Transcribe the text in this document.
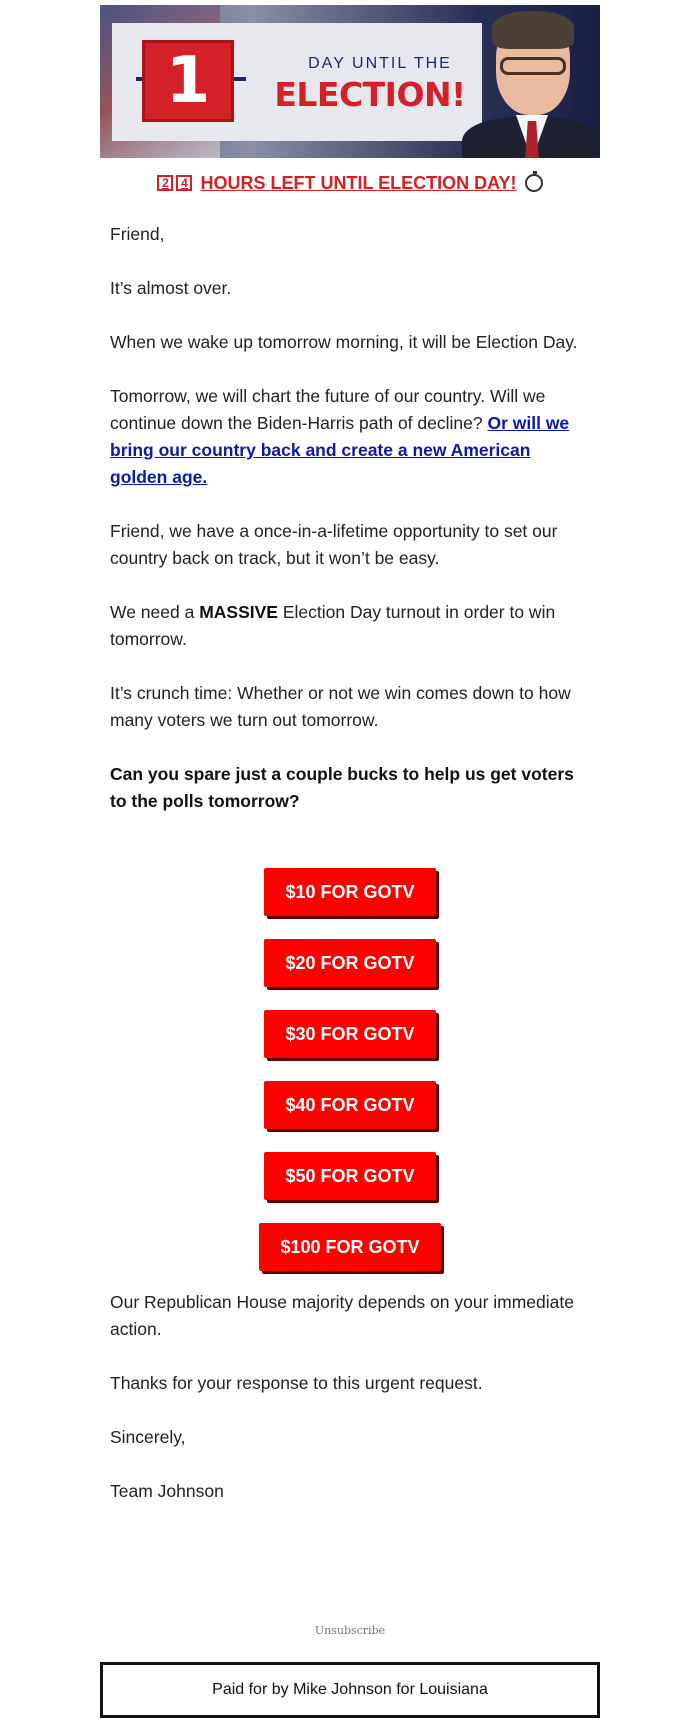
1	DAY UNTIL THE
ELECTION!
2	4 HOURS LEFT UNTIL ELECTION DAY!

Friend,

It’s almost over.

When we wake up tomorrow morning, it will be Election Day.

Tomorrow, we will chart the future of our country. Will we continue down the Biden-Harris path of decline? Or will we bring our country back and create a new American golden age.

Friend, we have a once-in-a-lifetime opportunity to set our country back on track, but it won’t be easy.

We need a MASSIVE Election Day turnout in order to win tomorrow.

It’s crunch time: Whether or not we win comes down to how many voters we turn out tomorrow.

Can you spare just a couple bucks to help us get voters to the polls tomorrow?

$10 FOR GOTV
$20 FOR GOTV
$30 FOR GOTV
$40 FOR GOTV
$50 FOR GOTV
$100 FOR GOTV

Our Republican House majority depends on your immediate action.

Thanks for your response to this urgent request.

Sincerely,

Team Johnson

Unsubscribe
Paid for by Mike Johnson for Louisiana
